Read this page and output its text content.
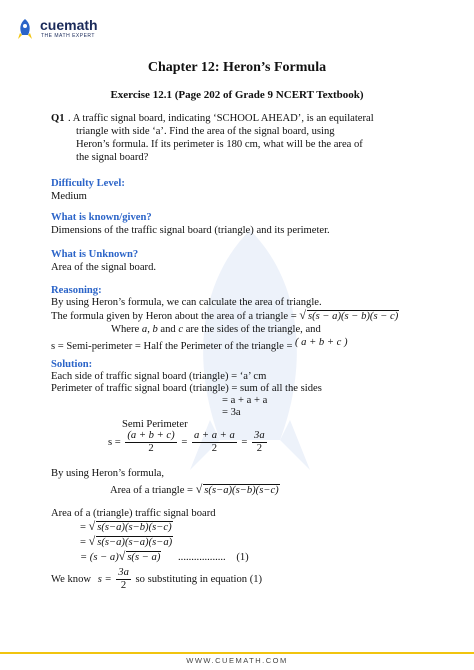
cuemath
THE MATH EXPERT
Chapter 12: Heron’s Formula
Exercise 12.1 (Page 202 of Grade 9 NCERT Textbook)
Q1 . A traffic signal board, indicating ‘SCHOOL AHEAD’, is an equilateral
triangle with side ‘a’. Find the area of the signal board, using
Heron’s formula. If its perimeter is 180 cm, what will be the area of
the signal board?
Difficulty Level:
Medium
What is known/given?
Dimensions of the traffic signal board (triangle) and its perimeter.
What is Unknown?
Area of the signal board.
Reasoning:
By using Heron’s formula, we can calculate the area of triangle.
The formula given by Heron about the area of a triangle = √ s(s − a)(s − b)(s − c)
Where a, b and c are the sides of the triangle, and
s = Semi-perimeter = Half the Perimeter of the triangle = ( a + b + c )
Solution:
Each side of traffic signal board (triangle) = ‘a’ cm
Perimeter of traffic signal board (triangle) = sum of all the sides
= a + a + a
= 3a
Semi Perimeter
$s = \frac{(a + b + c)}{2} = \frac{a + a + a}{2} = \frac{3a}{2}$
By using Heron’s formula,
Area of a triangle = √ s(s−a)(s−b)(s−c)
Area of a (triangle) traffic signal board
= √ s(s−a)(s−b)(s−c)
= √ s(s−a)(s−a)(s−a)
= (s − a)√ s(s − a) .................. (1)
We know $s = \frac{3a}{2}$ so substituting in equation (1)
WWW.CUEMATH.COM
